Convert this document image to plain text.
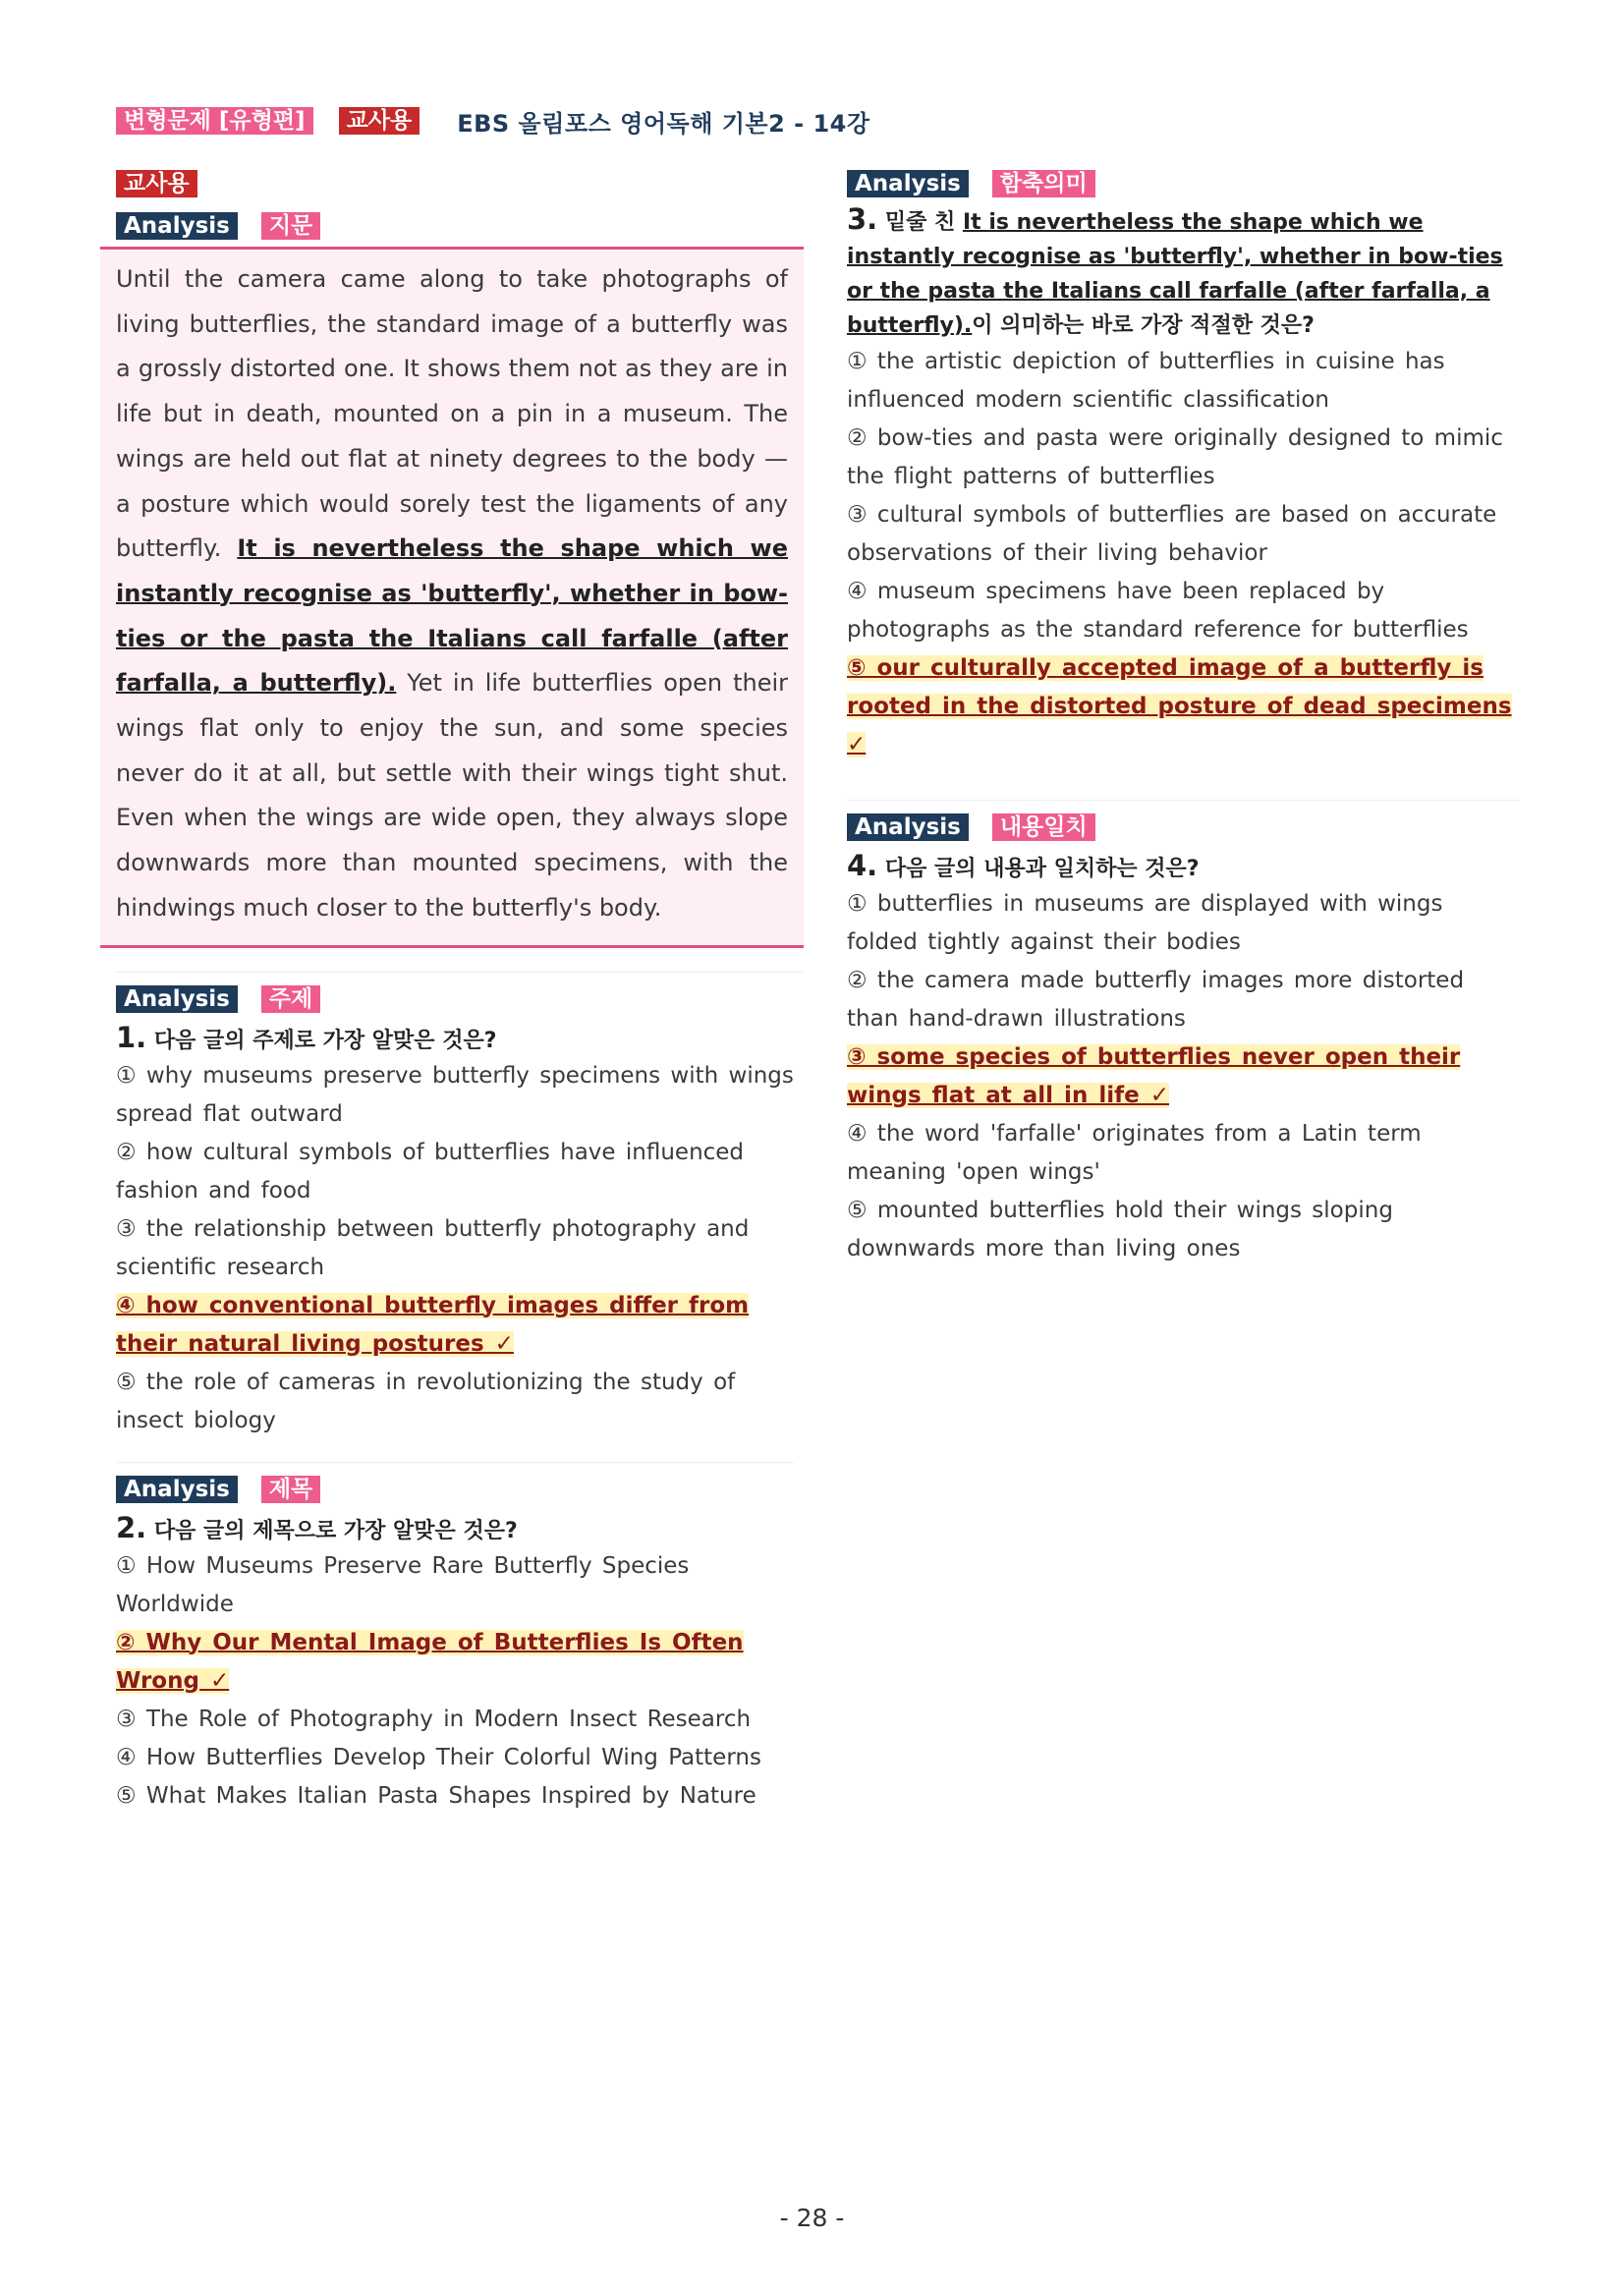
변형문제 [유형편]	교사용	EBS 올림포스 영어독해 기본2 - 14강
교사용
Analysis	지문

Until the camera came along to take photographs of living butterflies, the standard image of a butterfly was a grossly distorted one. It shows them not as they are in life but in death, mounted on a pin in a museum. The wings are held out flat at ninety degrees to the body — a posture which would sorely test the ligaments of any butterfly. It is nevertheless the shape which we instantly recognise as 'butterfly', whether in bow-ties or the pasta the Italians call farfalle (after farfalla, a butterfly). Yet in life butterflies open their wings flat only to enjoy the sun, and some species never do it at all, but settle with their wings tight shut. Even when the wings are wide open, they always slope downwards more than mounted specimens, with the hindwings much closer to the butterfly's body.

Analysis	주제
1. 다음 글의 주제로 가장 알맞은 것은?
① why museums preserve butterfly specimens with wings spread flat outward
② how cultural symbols of butterflies have influenced fashion and food
③ the relationship between butterfly photography and scientific research
④ how conventional butterfly images differ from their natural living postures ✓
⑤ the role of cameras in revolutionizing the study of insect biology
Analysis	제목
2. 다음 글의 제목으로 가장 알맞은 것은?
① How Museums Preserve Rare Butterfly Species Worldwide
② Why Our Mental Image of Butterflies Is Often Wrong ✓
③ The Role of Photography in Modern Insect Research
④ How Butterflies Develop Their Colorful Wing Patterns
⑤ What Makes Italian Pasta Shapes Inspired by Nature
Analysis	함축의미
3. 밑줄 친 It is nevertheless the shape which we instantly recognise as 'butterfly', whether in bow-ties or the pasta the Italians call farfalle (after farfalla, a butterfly).이 의미하는 바로 가장 적절한 것은?
① the artistic depiction of butterflies in cuisine has influenced modern scientific classification
② bow-ties and pasta were originally designed to mimic the flight patterns of butterflies
③ cultural symbols of butterflies are based on accurate observations of their living behavior
④ museum specimens have been replaced by photographs as the standard reference for butterflies
⑤ our culturally accepted image of a butterfly is rooted in the distorted posture of dead specimens ✓
Analysis	내용일치
4. 다음 글의 내용과 일치하는 것은?
① butterflies in museums are displayed with wings folded tightly against their bodies
② the camera made butterfly images more distorted than hand-drawn illustrations
③ some species of butterflies never open their wings flat at all in life ✓
④ the word 'farfalle' originates from a Latin term meaning 'open wings'
⑤ mounted butterflies hold their wings sloping downwards more than living ones
- 28 -
